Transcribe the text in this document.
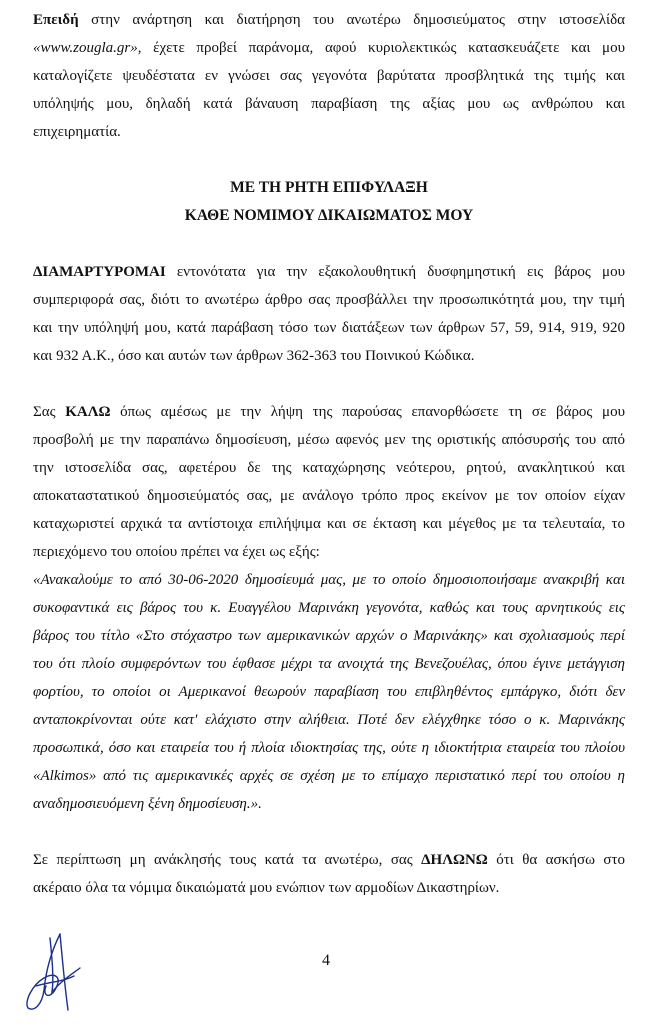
Επειδή στην ανάρτηση και διατήρηση του ανωτέρω δημοσιεύματος στην ιστοσελίδα
«www.zougla.gr», έχετε προβεί παράνομα, αφού κυριολεκτικώς κατασκευάζετε και μου
καταλογίζετε ψευδέστατα εν γνώσει σας γεγονότα βαρύτατα προσβλητικά της τιμής και
υπόληψής μου, δηλαδή κατά βάναυση παραβίαση της αξίας μου ως ανθρώπου και
επιχειρηματία.
ΜΕ ΤΗ ΡΗΤΗ ΕΠΙΦΥΛΑΞΗ
ΚΑΘΕ ΝΟΜΙΜΟΥ ΔΙΚΑΙΩΜΑΤΟΣ ΜΟΥ
ΔΙΑΜΑΡΤΥΡΟΜΑΙ εντονότατα για την εξακολουθητική δυσφημηστική εις βάρος μου
συμπεριφορά σας, διότι το ανωτέρω άρθρο σας προσβάλλει την προσωπικότητά μου, την τιμή
και την υπόληψή μου, κατά παράβαση τόσο των διατάξεων των άρθρων 57, 59, 914, 919, 920
και 932 Α.Κ., όσο και αυτών των άρθρων 362-363 του Ποινικού Κώδικα.
Σας ΚΑΛΩ όπως αμέσως με την λήψη της παρούσας επανορθώσετε τη σε βάρος μου
προσβολή με την παραπάνω δημοσίευση, μέσω αφενός μεν της οριστικής απόσυρσής του από
την ιστοσελίδα σας, αφετέρου δε της καταχώρησης νεότερου, ρητού, ανακλητικού και
αποκαταστατικού δημοσιεύματός σας, με ανάλογο τρόπο προς εκείνον με τον οποίον είχαν
καταχωριστεί αρχικά τα αντίστοιχα επιλήψιμα και σε έκταση και μέγεθος με τα τελευταία, το
περιεχόμενο του οποίου πρέπει να έχει ως εξής:
«Ανακαλούμε το από 30-06-2020 δημοσίευμά μας, με το οποίο δημοσιοποιήσαμε ανακριβή και
συκοφαντικά εις βάρος του κ. Ευαγγέλου Μαρινάκη γεγονότα, καθώς και τους αρνητικούς εις
βάρος του τίτλο «Στο στόχαστρο των αμερικανικών αρχών ο Μαρινάκης» και σχολιασμούς περί
του ότι πλοίο συμφερόντων του έφθασε μέχρι τα ανοιχτά της Βενεζουέλας, όπου έγινε μετάγγιση
φορτίου, το οποίοι οι Αμερικανοί θεωρούν παραβίαση του επιβληθέντος εμπάργκο, διότι δεν
ανταποκρίνονται ούτε κατ' ελάχιστο στην αλήθεια. Ποτέ δεν ελέγχθηκε τόσο ο κ. Μαρινάκης
προσωπικά, όσο και εταιρεία του ή πλοία ιδιοκτησίας της, ούτε η ιδιοκτήτρια εταιρεία του πλοίου
«Alkimos» από τις αμερικανικές αρχές σε σχέση με το επίμαχο περιστατικό περί του οποίου η
αναδημοσιευόμενη ξένη δημοσίευση.».
Σε περίπτωση μη ανάκλησής τους κατά τα ανωτέρω, σας ΔΗΛΩΝΩ ότι θα ασκήσω στο
ακέραιο όλα τα νόμιμα δικαιώματά μου ενώπιον των αρμοδίων Δικαστηρίων.
4
